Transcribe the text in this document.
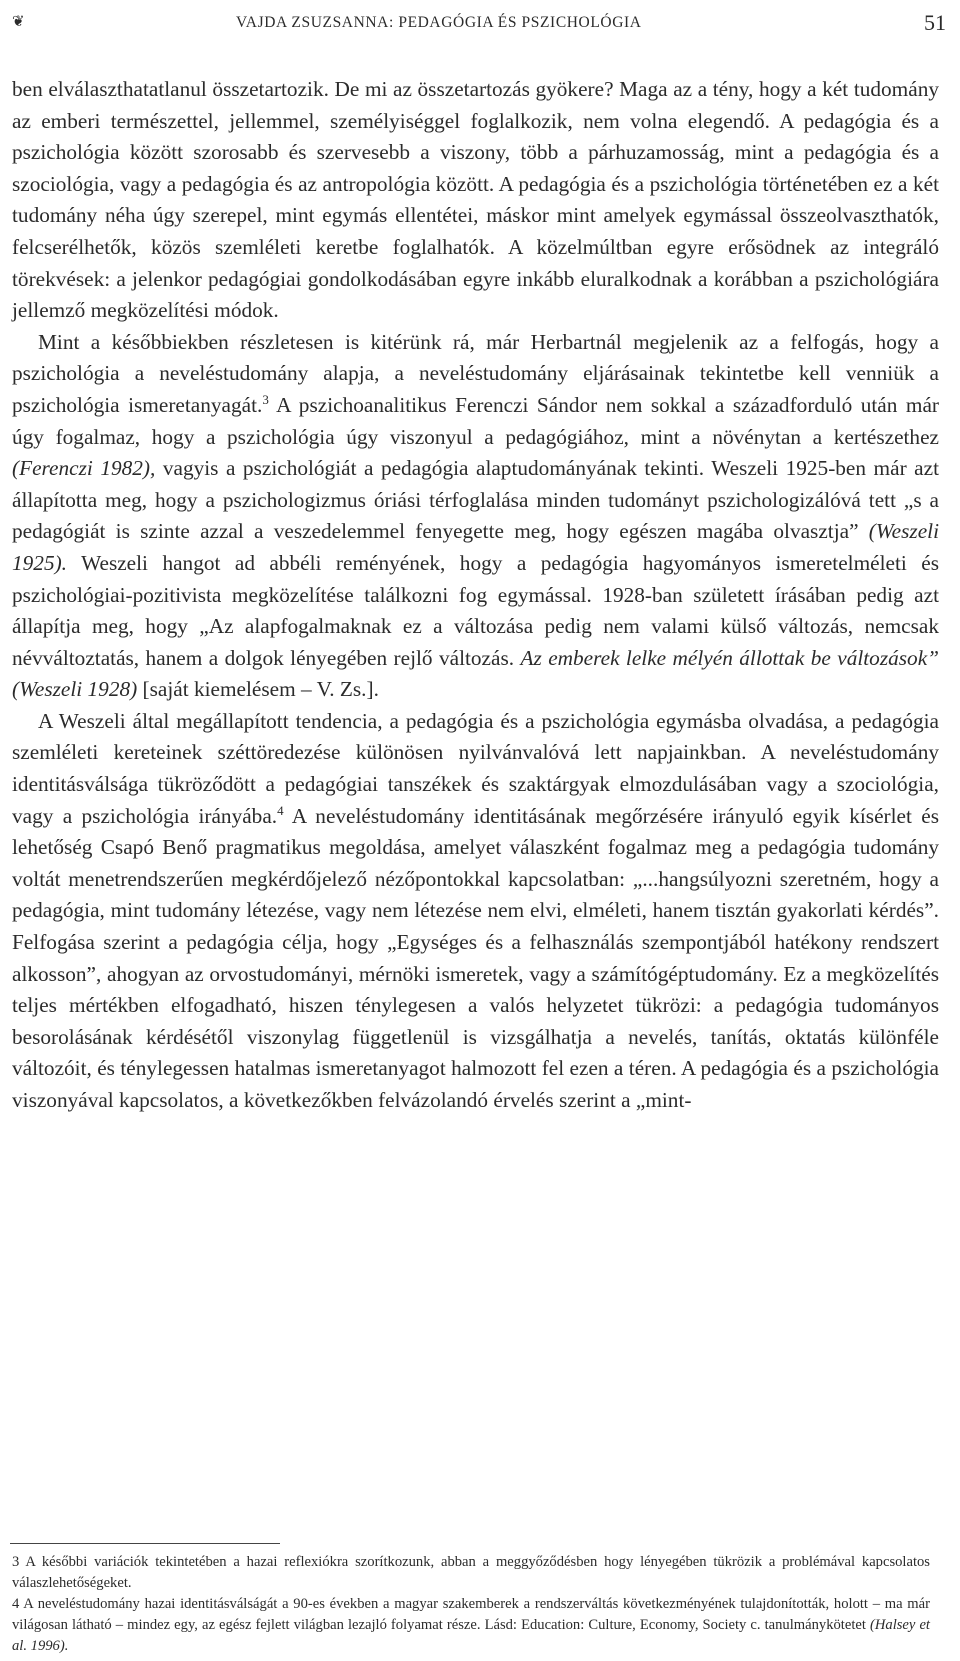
❦	VAJDA ZSUZSANNA: PEDAGÓGIA ÉS PSZICHOLÓGIA	51

ben elválaszthatatlanul összetartozik. De mi az összetartozás gyökere? Maga az a tény, hogy a két tudomány az emberi természettel, jellemmel, személyiséggel foglalkozik, nem volna elegendő. A pedagógia és a pszichológia között szorosabb és szervesebb a viszony, több a párhuzamosság, mint a pedagógia és a szociológia, vagy a pedagógia és az antropológia között. A pedagógia és a pszichológia történetében ez a két tudomány néha úgy szerepel, mint egymás ellentétei, máskor mint amelyek egymással összeolvaszthatók, felcserélhetők, közös szemléleti keretbe foglalhatók. A közelmúltban egyre erősödnek az integráló törekvések: a jelenkor pedagógiai gondolkodásában egyre inkább eluralkodnak a korábban a pszichológiára jellemző megközelítési módok.

Mint a későbbiekben részletesen is kitérünk rá, már Herbartnál megjelenik az a felfogás, hogy a pszichológia a neveléstudomány alapja, a neveléstudomány eljárásainak tekintetbe kell venniük a pszichológia ismeretanyagát.$^3$ A pszichoanalitikus Ferenczi Sándor nem sokkal a századforduló után már úgy fogalmaz, hogy a pszichológia úgy viszonyul a pedagógiához, mint a növénytan a kertészethez (Ferenczi 1982), vagyis a pszichológiát a pedagógia alaptudományának tekinti. Weszeli 1925-ben már azt állapította meg, hogy a pszichologizmus óriási térfoglalása minden tudományt pszichologizálóvá tett „s a pedagógiát is szinte azzal a veszedelemmel fenyegette meg, hogy egészen magába olvasztja” (Weszeli 1925). Weszeli hangot ad abbéli reményének, hogy a pedagógia hagyományos ismeretelméleti és pszichológiai-pozitivista megközelítése találkozni fog egymással. 1928-ban született írásában pedig azt állapítja meg, hogy „Az alapfogalmaknak ez a változása pedig nem valami külső változás, nemcsak névváltoztatás, hanem a dolgok lényegében rejlő változás. Az emberek lelke mélyén állottak be változások” (Weszeli 1928) [saját kiemelésem – V. Zs.].

A Weszeli által megállapított tendencia, a pedagógia és a pszichológia egymásba olvadása, a pedagógia szemléleti kereteinek széttöredezése különösen nyilvánvalóvá lett napjainkban. A neveléstudomány identitásválsága tükröződött a pedagógiai tanszékek és szaktárgyak elmozdulásában vagy a szociológia, vagy a pszichológia irányába.$^4$ A neveléstudomány identitásának megőrzésére irányuló egyik kísérlet és lehetőség Csapó Benő pragmatikus megoldása, amelyet válaszként fogalmaz meg a pedagógia tudomány voltát menetrendszerűen megkérdőjelező nézőpontokkal kapcsolatban: „...hangsúlyozni szeretném, hogy a pedagógia, mint tudomány létezése, vagy nem létezése nem elvi, elméleti, hanem tisztán gyakorlati kérdés”. Felfogása szerint a pedagógia célja, hogy „Egységes és a felhasználás szempontjából hatékony rendszert alkosson”, ahogyan az orvostudományi, mérnöki ismeretek, vagy a számítógéptudomány. Ez a megközelítés teljes mértékben elfogadható, hiszen ténylegesen a valós helyzetet tükrözi: a pedagógia tudományos besorolásának kérdésétől viszonylag függetlenül is vizsgálhatja a nevelés, tanítás, oktatás különféle változóit, és ténylegessen hatalmas ismeretanyagot halmozott fel ezen a téren. A pedagógia és a pszichológia viszonyával kapcsolatos, a következőkben felvázolandó érvelés szerint a „mint-

3 A későbbi variációk tekintetében a hazai reflexiókra szorítkozunk, abban a meggyőződésben hogy lényegében tükrözik a problémával kapcsolatos válaszlehetőségeket.

4 A neveléstudomány hazai identitásválságát a 90-es években a magyar szakemberek a rendszerváltás következményének tulajdonították, holott – ma már világosan látható – mindez egy, az egész fejlett világban lezajló folyamat része. Lásd: Education: Culture, Economy, Society c. tanulmánykötetet (Halsey et al. 1996).
